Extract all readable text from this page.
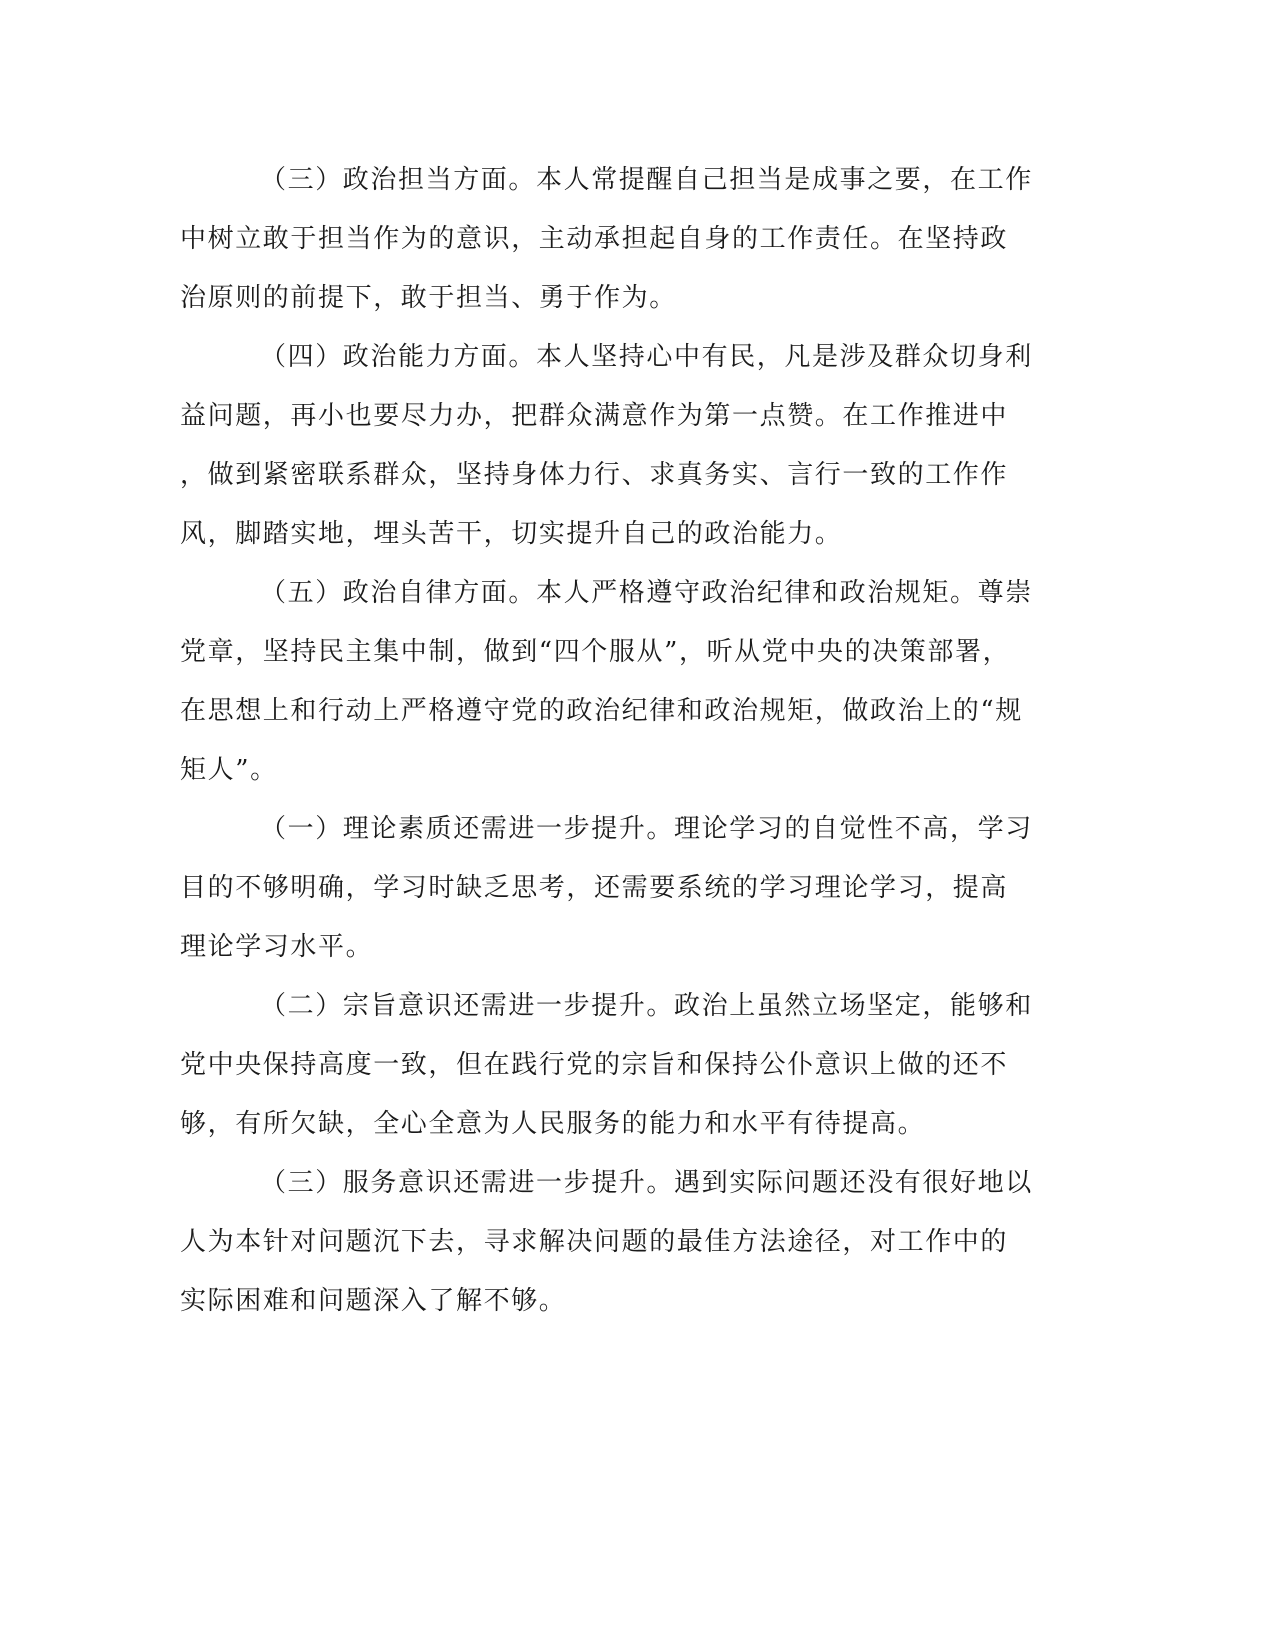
（三）政治担当方面。本人常提醒自己担当是成事之要，在工作
中树立敢于担当作为的意识，主动承担起自身的工作责任。在坚持政
治原则的前提下，敢于担当、勇于作为。
（四）政治能力方面。本人坚持心中有民，凡是涉及群众切身利
益问题，再小也要尽力办，把群众满意作为第一点赞。在工作推进中
，做到紧密联系群众，坚持身体力行、求真务实、言行一致的工作作
风，脚踏实地，埋头苦干，切实提升自己的政治能力。
（五）政治自律方面。本人严格遵守政治纪律和政治规矩。尊崇
党章，坚持民主集中制，做到“四个服从”，听从党中央的决策部署，
在思想上和行动上严格遵守党的政治纪律和政治规矩，做政治上的“规
矩人”。
（一）理论素质还需进一步提升。理论学习的自觉性不高，学习
目的不够明确，学习时缺乏思考，还需要系统的学习理论学习，提高
理论学习水平。
（二）宗旨意识还需进一步提升。政治上虽然立场坚定，能够和
党中央保持高度一致，但在践行党的宗旨和保持公仆意识上做的还不
够，有所欠缺，全心全意为人民服务的能力和水平有待提高。
（三）服务意识还需进一步提升。遇到实际问题还没有很好地以
人为本针对问题沉下去，寻求解决问题的最佳方法途径，对工作中的
实际困难和问题深入了解不够。
